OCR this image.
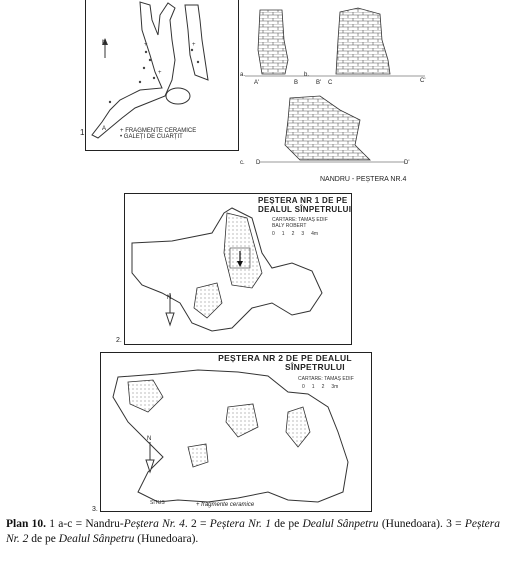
+	+
+
N
A
1	+ FRAGMENTE CERAMICE
• GALEȚI DE CUARȚIT
a.
A'	B
b.
B' C	C'
c. D	D'
NANDRU - PEȘTERA NR.4
N
PEȘTERA NR 1 DE PE
DEALUL SÎNPETRULUI
CARTARE: TAMAȘ EDIF
BALY ROBERT
0 1 2 3 4m
2.
N
PEȘTERA NR 2 DE PE DEALUL
SÎNPETRULUI
CARTARE: TAMAȘ EDIF
0 1 2 3m
SITUS	+ fragmente ceramice
3.
Plan 10. 1 a-c = Nandru-Peștera Nr. 4. 2 = Peștera Nr. 1 de pe Dealul Sânpetru (Hunedoara). 3 = Peștera Nr. 2 de pe Dealul Sânpetru (Hunedoara).
